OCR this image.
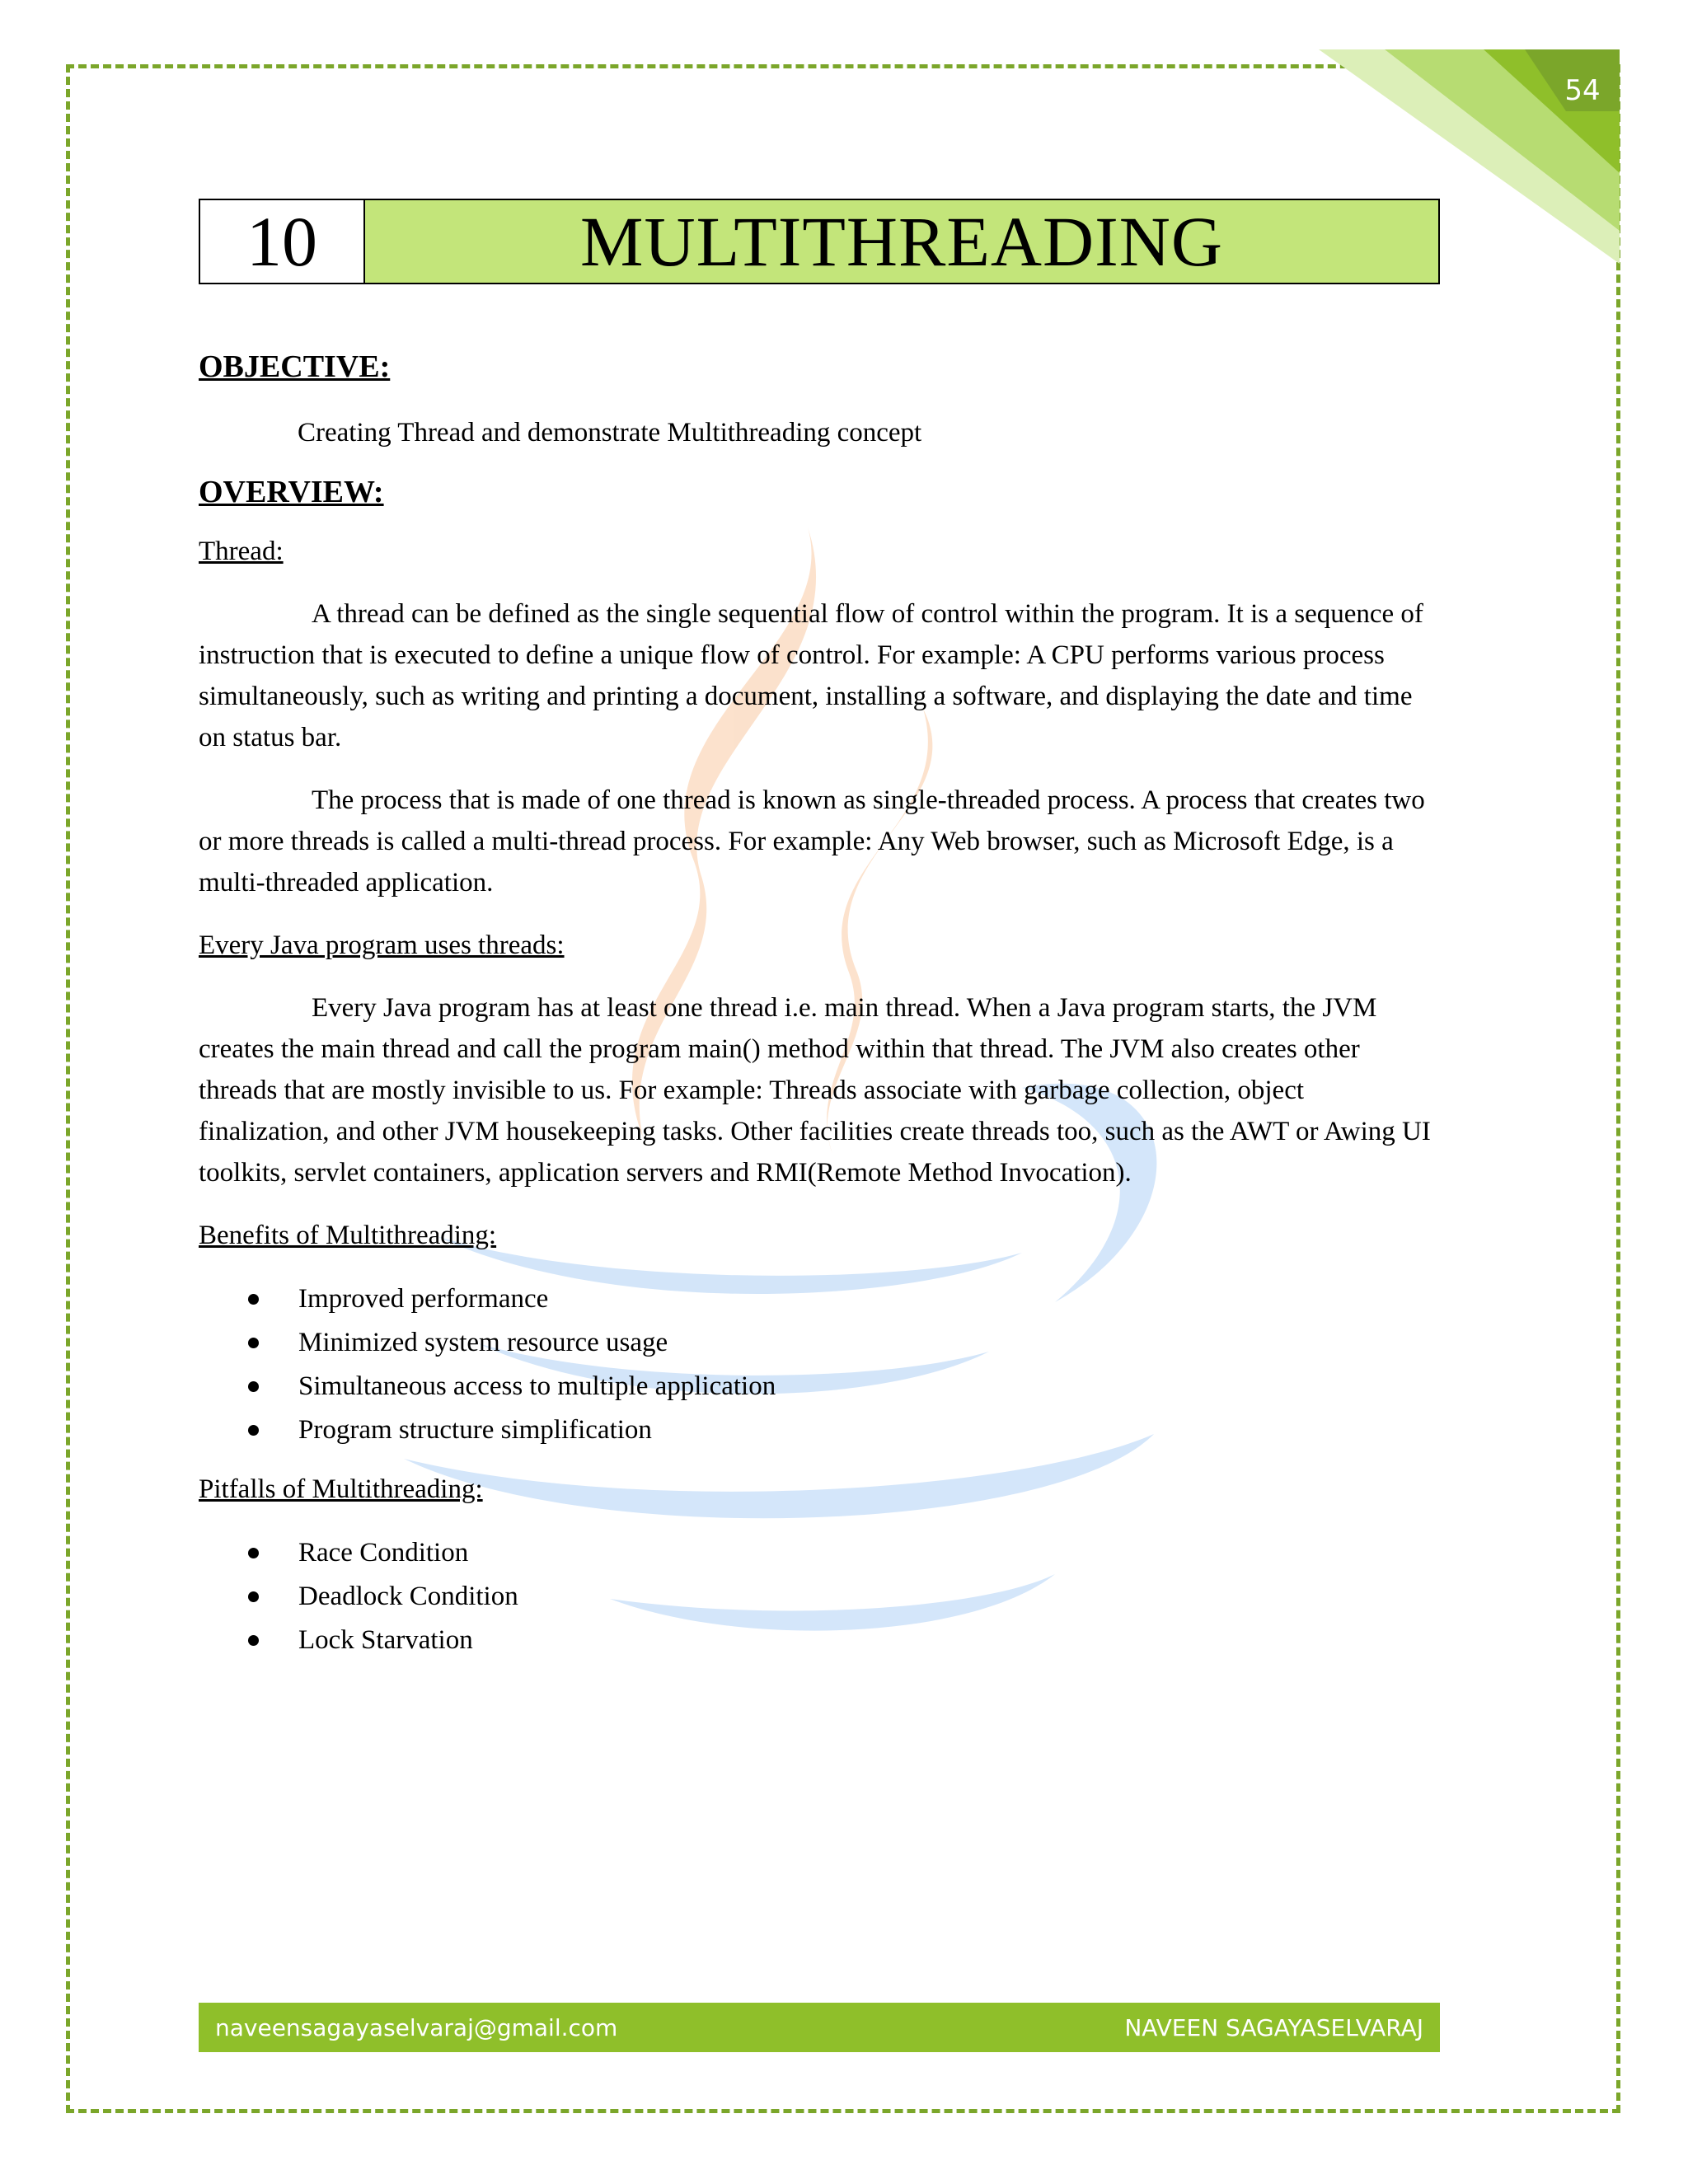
54
10	MULTITHREADING
OBJECTIVE:

Creating Thread and demonstrate Multithreading concept

OVERVIEW:

Thread:

A thread can be defined as the single sequential flow of control within the program. It is a sequence of instruction that is executed to define a unique flow of control. For example: A CPU performs various process simultaneously, such as writing and printing a document, installing a software, and displaying the date and time on status bar.

The process that is made of one thread is known as single-threaded process. A process that creates two or more threads is called a multi-thread process. For example: Any Web browser, such as Microsoft Edge, is a multi-threaded application.

Every Java program uses threads:

Every Java program has at least one thread i.e. main thread. When a Java program starts, the JVM creates the main thread and call the program main() method within that thread. The JVM also creates other threads that are mostly invisible to us. For example: Threads associate with garbage collection, object finalization, and other JVM housekeeping tasks. Other facilities create threads too, such as the AWT or Awing UI toolkits, servlet containers, application servers and RMI(Remote Method Invocation).

Benefits of Multithreading:

Improved performance
Minimized system resource usage
Simultaneous access to multiple application
Program structure simplification

Pitfalls of Multithreading:

Race Condition
Deadlock Condition
Lock Starvation
naveensagayaselvaraj@gmail.com	NAVEEN SAGAYASELVARAJ
